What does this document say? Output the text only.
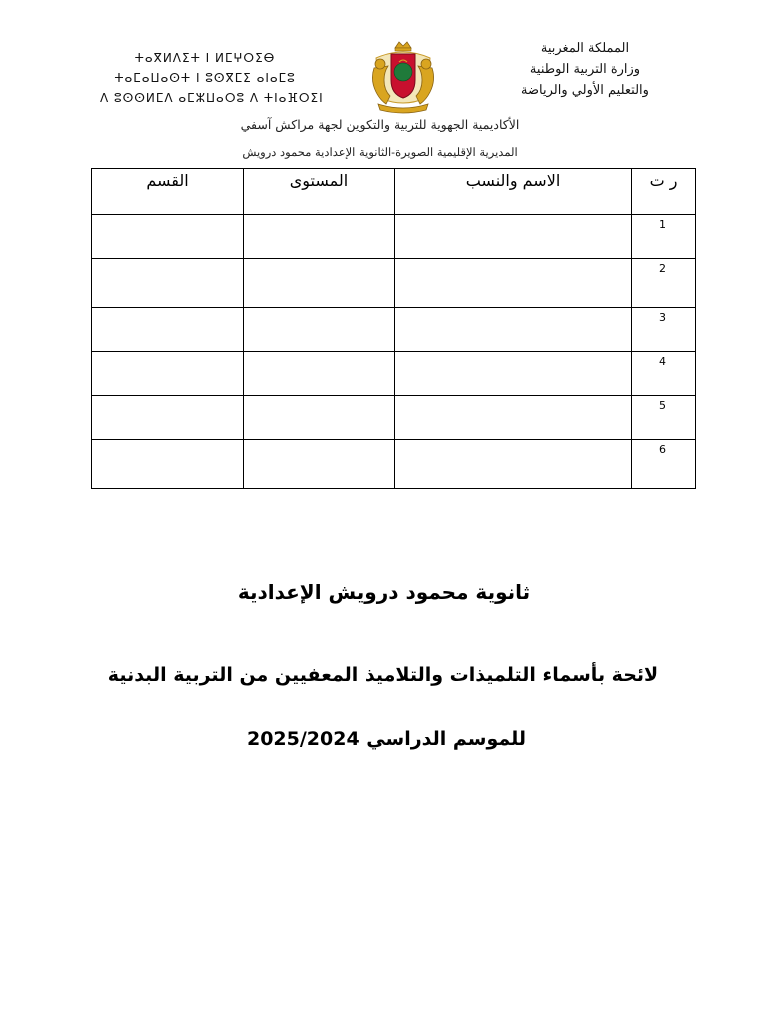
ⵜⴰⴳⵍⴷⵉⵜ ⵏ ⵍⵎⵖⵔⵉⴱ
ⵜⴰⵎⴰⵡⴰⵙⵜ ⵏ ⵓⵙⴳⵎⵉ ⴰⵏⴰⵎⵓ
ⴷ ⵓⵙⵙⵍⵎⴷ ⴰⵎⵣⵡⴰⵔⵓ ⴷ ⵜⵏⴰⴼⵔⵉⵏ
المملكة المغربية
وزارة التربية الوطنية
والتعليم الأولي والرياضة
الأكاديمية الجهوية للتربية والتكوين لجهة مراكش آسفي
المديرية الإقليمية الصويرة-الثانوية الإعدادية محمود درويش
ر ت	الاسم والنسب	المستوى	القسم
1			
2			
3			
4			
5			
6			
ثانوية محمود درويش الإعدادية
لائحة بأسماء التلميذات والتلاميذ المعفيين من التربية البدنية
للموسم الدراسي 2025/2024
